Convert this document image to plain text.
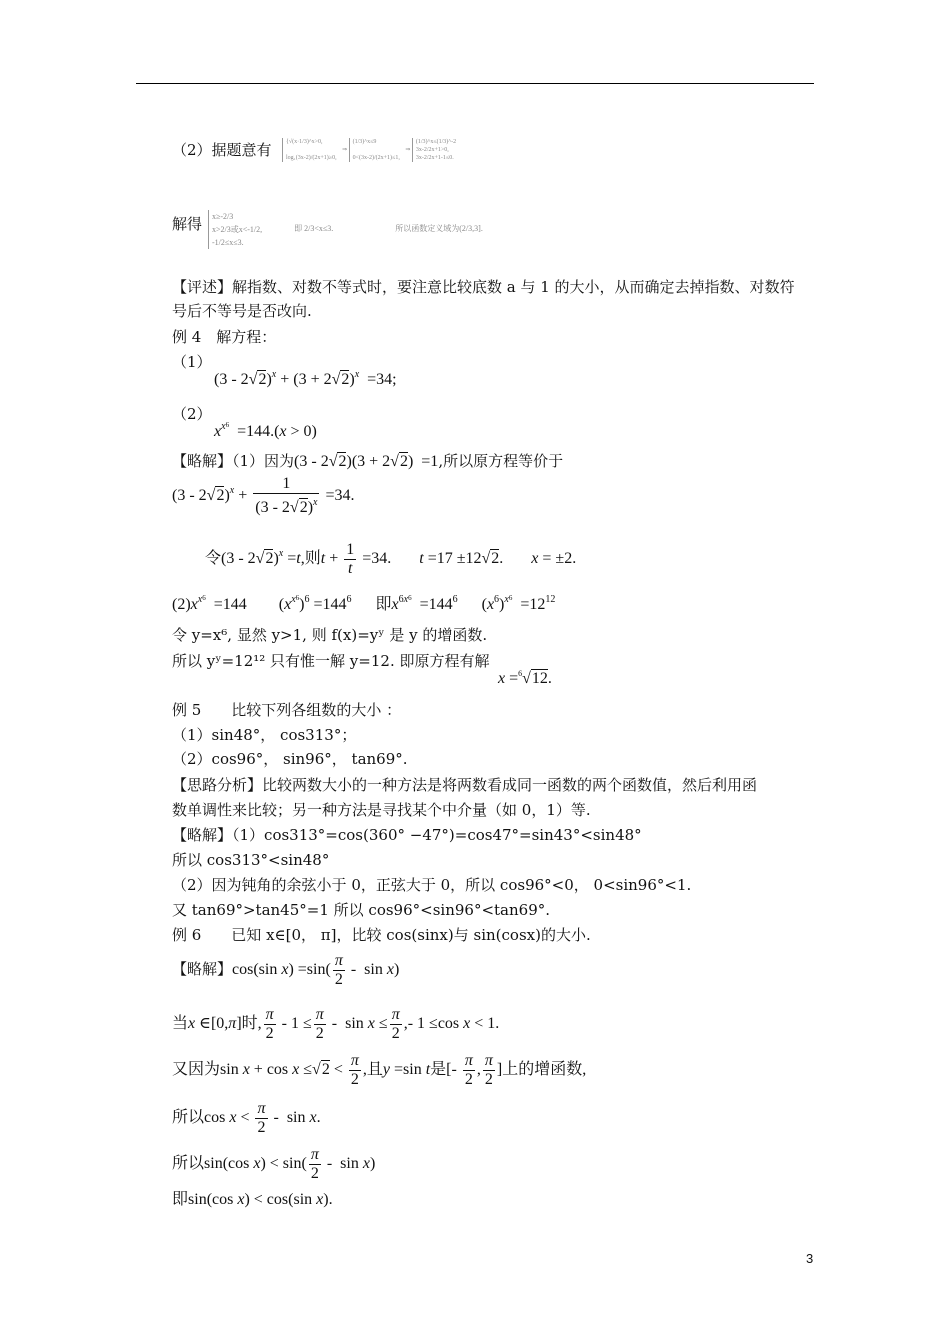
（2）据题意有	{√(x·1/3)^x>0,

log₁(3x-2)/(2x+1)≥0, ⇒ (1/3)^x≤9

0<(3x-2)/(2x+1)≤1, ⇒ (1/3)^x≤(1/3)^-2
3x-2/2x+1>0,
3x-2/2x+1-1≤0.
解得	x≥-2/3
x>2/3或x<-1/2,
-1/2≤x≤3. 即 2/3<x≤3.	所以函数定义域为(2/3,3].
【评述】解指数、对数不等式时，要注意比较底数 a 与 1 的大小，从而确定去掉指数、对数符
号后不等号是否改向.
例 4　解方程：
（1）
$(3 - 2√2)^x + (3 + 2√2)^x =34$;
（2）
$x^{x6} =144.(x > 0)$
【略解】（1）因为(3 - 2√2)(3 + 2√2)  =1,所以原方程等价于
$(3 - 2√2)^x + \frac{1}{(3 - 2√2)^x} =34$.
令(3 - 2√2)$^x$ =t,则$t + \frac{1}{t} =34$.       t =17 ±12√2.       x = ±2.
$(2)x^{x6} =144$        $(x^{x6})^6 =144^6$ 即$x^{6x6} =144^6$      $(x^6)^{x6} =12^{12}$
令 y=x⁶, 显然 y>1, 则 f(x)=yʸ 是 y 的增函数.
所以 yʸ=12¹² 只有惟一解 y=12. 即原方程有解
x =$^6$√12.
例 5　　比较下列各组数的大小 ：
（1）sin48°， cos313°；
（2）cos96°， sin96°， tan69°.
【思路分析】比较两数大小的一种方法是将两数看成同一函数的两个函数值，然后利用函
数单调性来比较；另一种方法是寻找某个中介量（如 0，1）等.
【略解】（1）cos313°=cos(360° −47°)=cos47°=sin43°<sin48°
所以 cos313°<sin48°
（2）因为钝角的余弦小于 0，正弦大于 0，所以 cos96°<0， 0<sin96°<1.
又 tan69°>tan45°=1 所以 cos96°<sin96°<tan69°.
例 6　　已知 x∈[0， π]，比较 cos(sinx)与 sin(cosx)的大小.
【略解】cos(sin $x) =\sin( \frac{\pi}{2} - \sin x)$
当x ∈[0,π]时, $\frac{\pi}{2} - 1 \le \frac{\pi}{2} - \sin x \le \frac{\pi}{2}$ ,- 1 ≤cos x < 1.
又因为$\sin x + \cos x \le√2 < \frac{\pi}{2}$ ,且y =sin t是[- $\frac{\pi}{2}$ , $\frac{\pi}{2}$ ]上的增函数,
所以$\cos x < \frac{\pi}{2} - \sin x$.
所以sin(cos $x) < \sin( \frac{\pi}{2} - \sin x)$
即sin(cos x) < cos(sin x).
3
